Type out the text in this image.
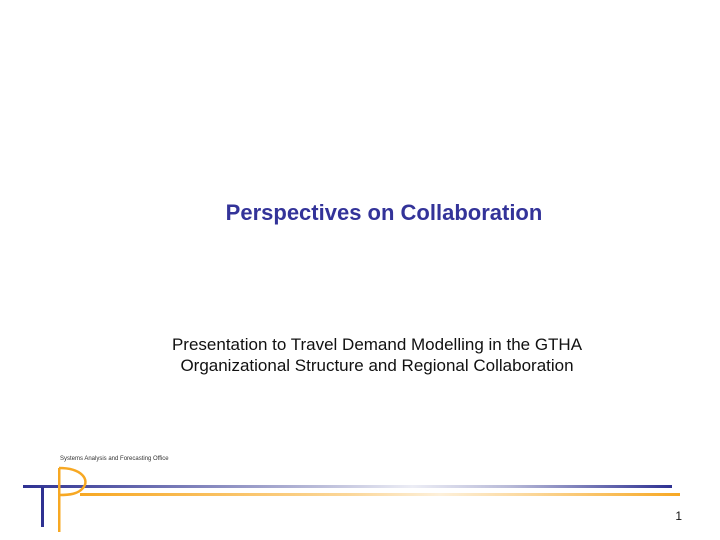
Perspectives on Collaboration
Presentation to Travel Demand Modelling in the GTHA
Organizational Structure and Regional Collaboration
Systems Analysis and Forecasting Office
1
